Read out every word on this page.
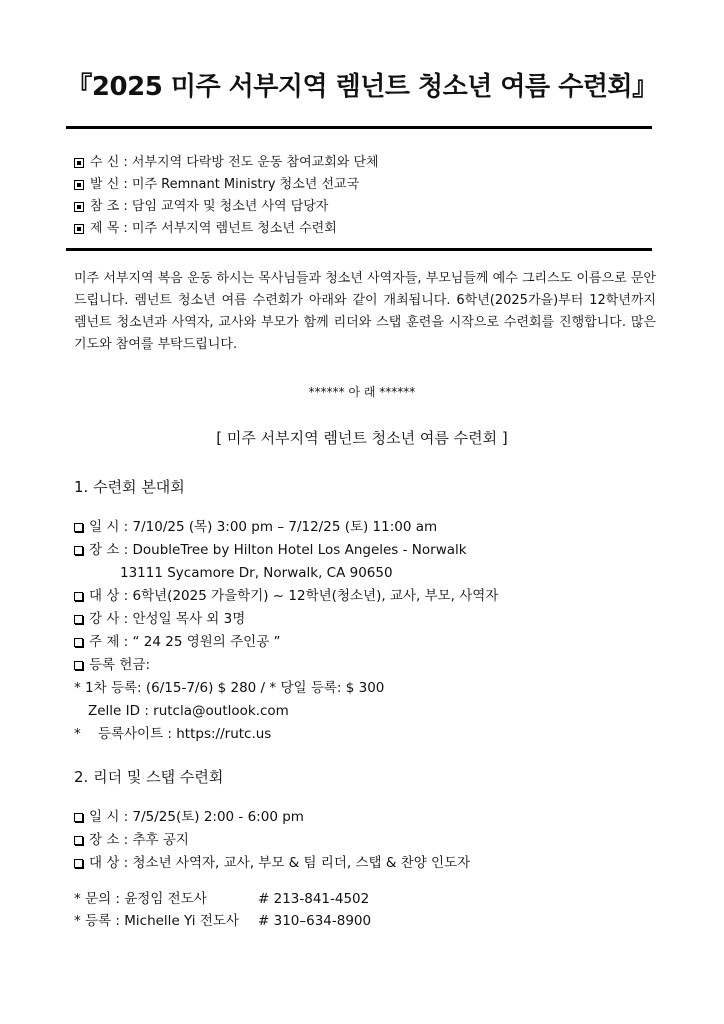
『2025 미주 서부지역 렘넌트 청소년 여름 수련회』
수 신 : 서부지역 다락방 전도 운동 참여교회와 단체
발 신 : 미주 Remnant Ministry 청소년 선교국
참 조 : 담임 교역자 및 청소년 사역 담당자
제 목 : 미주 서부지역 렘넌트 청소년 수련회
미주 서부지역 복음 운동 하시는 목사님들과 청소년 사역자들, 부모님들께 예수 그리스도 이름으로 문안드립니다. 렘넌트 청소년 여름 수련회가 아래와 같이 개최됩니다. 6학년(2025가을)부터 12학년까지 렘넌트 청소년과 사역자, 교사와 부모가 함께 리더와 스탭 훈련을 시작으로 수련회를 진행합니다. 많은 기도와 참여를 부탁드립니다.
****** 아 래 ******
[ 미주 서부지역 렘넌트 청소년 여름 수련회 ]
1. 수련회 본대회
일 시 : 7/10/25 (목) 3:00 pm – 7/12/25 (토) 11:00 am
장 소 : DoubleTree by Hilton Hotel Los Angeles - Norwalk
13111 Sycamore Dr, Norwalk, CA 90650
대 상 : 6학년(2025 가을학기) ~ 12학년(청소년), 교사, 부모, 사역자
강 사 : 안성일 목사 외 3명
주 제 : “ 24 25 영원의 주인공 ”
등록 헌금:
* 1차 등록: (6/15-7/6) $ 280 / * 당일 등록: $ 300
Zelle ID : rutcla@outlook.com
*    등록사이트 : https://rutc.us
2. 리더 및 스탭 수련회
일 시 : 7/5/25(토) 2:00 - 6:00 pm
장 소 : 추후 공지
대 상 : 청소년 사역자, 교사, 부모 & 팀 리더, 스탭 & 찬양 인도자
* 문의 : 윤정임 전도사	# 213-841-4502
* 등록 : Michelle Yi 전도사	# 310–634-8900
